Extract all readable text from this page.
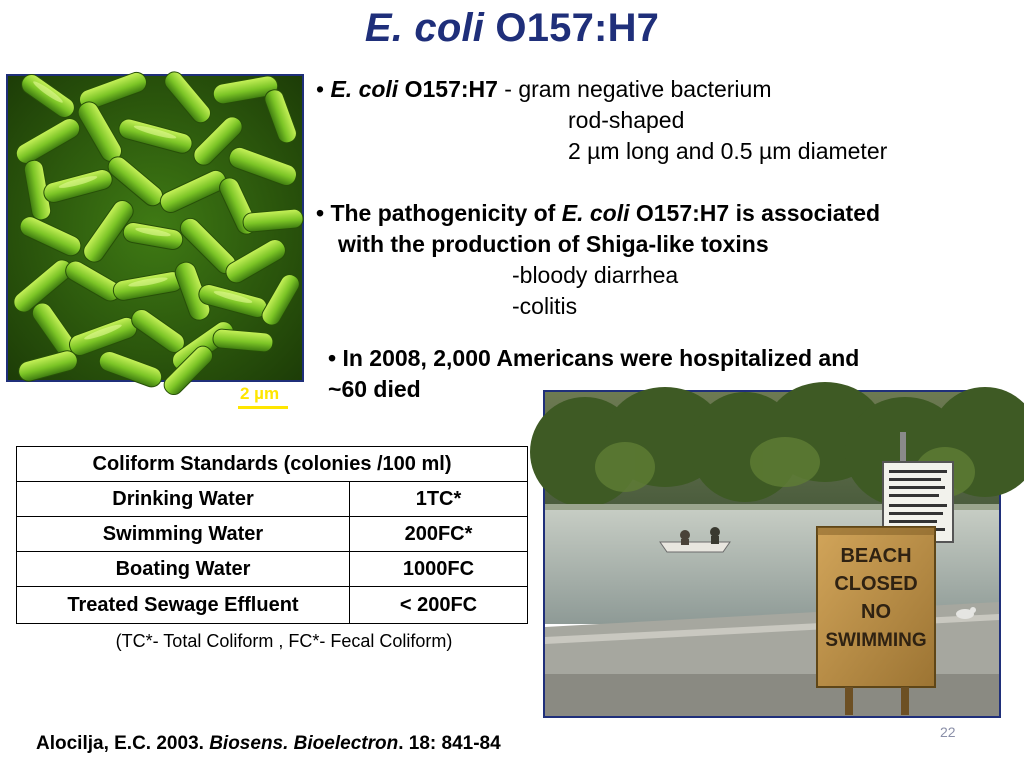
E. coli O157:H7
2 µm
• E. coli O157:H7 - gram negative bacterium
rod-shaped
2 µm long and 0.5 µm diameter
• The pathogenicity of E. coli O157:H7 is associated
with the production of Shiga-like toxins
-bloody diarrhea
-colitis
• In 2008, 2,000 Americans were hospitalized and
~60 died
Coliform Standards (colonies /100 ml)	
Drinking Water	1TC*
Swimming Water	200FC*
Boating Water	1000FC
Treated Sewage Effluent	< 200FC
(TC*- Total Coliform , FC*- Fecal Coliform)
BEACH
CLOSED
NO
SWIMMING
Alocilja, E.C. 2003. Biosens. Bioelectron. 18: 841-84
22
